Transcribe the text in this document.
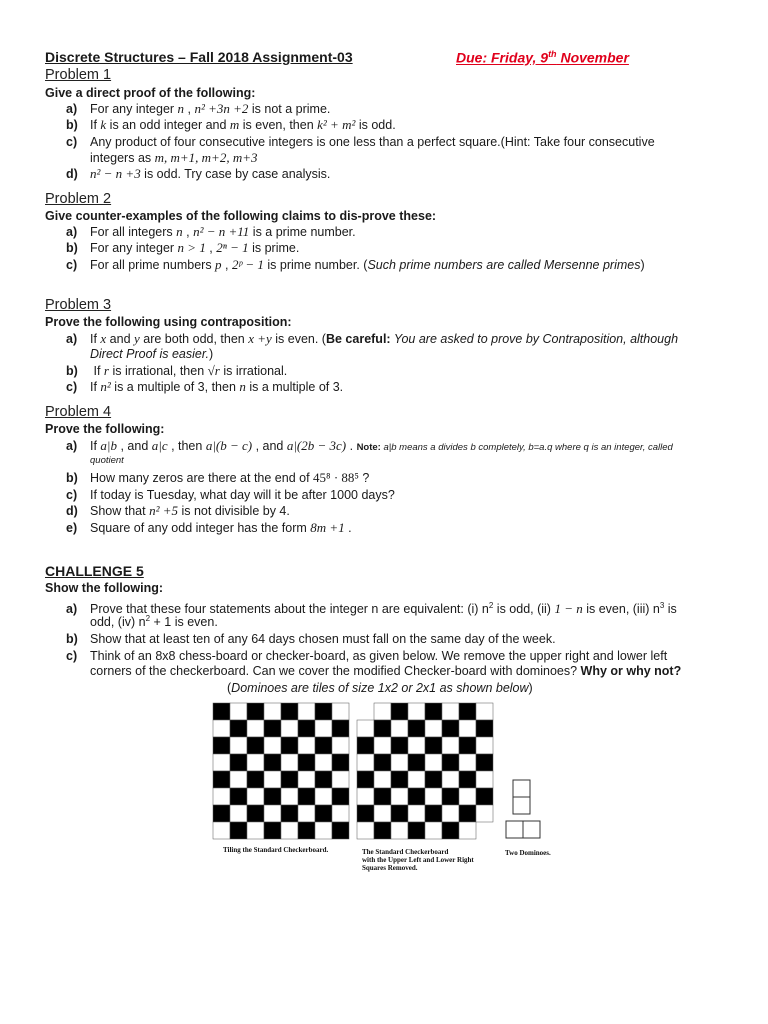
Discrete Structures – Fall 2018 Assignment-03	Due: Friday, 9th November
Problem 1
Give a direct proof of the following:
a) For any integer n , n² +3n +2 is not a prime.
b) If k is an odd integer and m is even, then k² + m² is odd.
c) Any product of four consecutive integers is one less than a perfect square.(Hint: Take four consecutive
integers as m, m+1, m+2, m+3
d) n² − n +3 is odd. Try case by case analysis.
Problem 2
Give counter-examples of the following claims to dis-prove these:
a) For all integers n , n² − n +11 is a prime number.
b) For any integer n > 1 , 2ⁿ − 1 is prime.
c) For all prime numbers p , 2ᵖ − 1 is prime number. (Such prime numbers are called Mersenne primes)
Problem 3
Prove the following using contraposition:
a) If x and y are both odd, then x +y is even. (Be careful: You are asked to prove by Contraposition, although
Direct Proof is easier.)
b) If r is irrational, then √r is irrational.
c) If n² is a multiple of 3, then n is a multiple of 3.
Problem 4
Prove the following:
a) If a|b , and a|c , then a|(b − c) , and a|(2b − 3c) . Note: a|b means a divides b completely, b=a.q where q is an integer, called
quotient
b) How many zeros are there at the end of 45⁸ · 88⁵ ?
c) If today is Tuesday, what day will it be after 1000 days?
d) Show that n² +5 is not divisible by 4.
e) Square of any odd integer has the form 8m +1 .
CHALLENGE 5
Show the following:
a) Prove that these four statements about the integer n are equivalent: (i) $n^2$ is odd, (ii) 1 − n is even, (iii) $n^3$ is
odd, (iv) $n^2 + 1$ is even.
b) Show that at least ten of any 64 days chosen must fall on the same day of the week.
c) Think of an 8x8 chess-board or checker-board, as given below. We remove the upper right and lower left
corners of the checkerboard. Can we cover the modified Checker-board with dominoes? Why or why not?
(Dominoes are tiles of size 1x2 or 2x1 as shown below)
Tiling the Standard Checkerboard.	The Standard Checkerboard
with the Upper Left and Lower Right
Squares Removed.
Two Dominoes.
